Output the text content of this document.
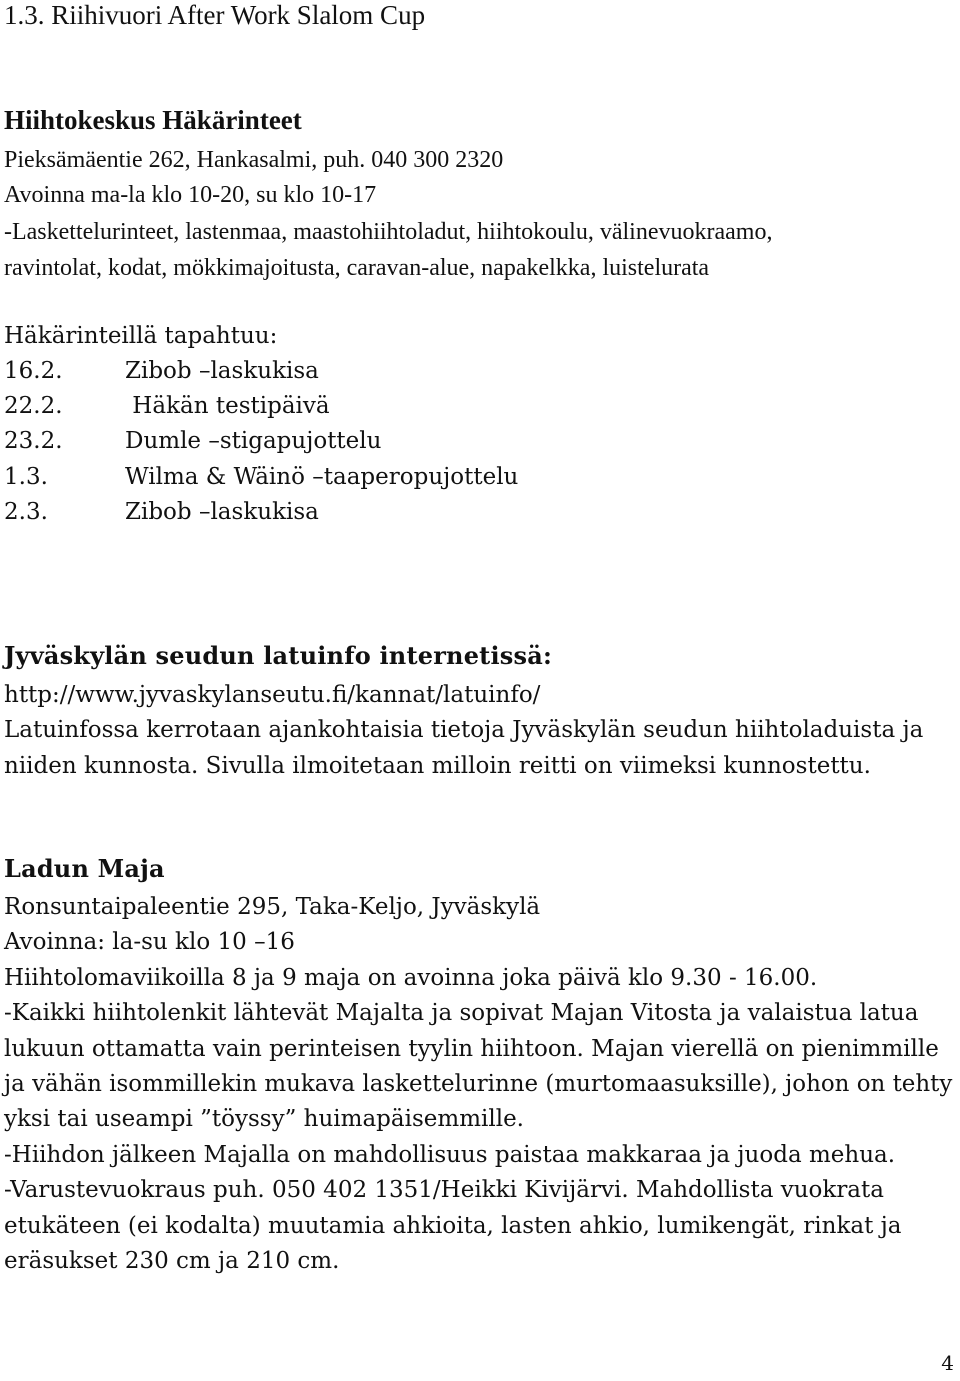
1.3. Riihivuori After Work Slalom Cup
Hiihtokeskus Häkärinteet
Pieksämäentie 262, Hankasalmi, puh. 040 300 2320
Avoinna ma-la klo 10-20, su klo 10-17
-Laskettelurinteet, lastenmaa, maastohiihtoladut, hiihtokoulu, välinevuokraamo,
ravintolat, kodat, mökkimajoitusta, caravan-alue, napakelkka, luistelurata
Häkärinteillä tapahtuu:
16.2.	Zibob –laskukisa
22.2.	Häkän testipäivä
23.2.	Dumle –stigapujottelu
1.3.	Wilma & Wäinö –taaperopujottelu
2.3.	Zibob –laskukisa
Jyväskylän seudun latuinfo internetissä:
http://www.jyvaskylanseutu.fi/kannat/latuinfo/
Latuinfossa kerrotaan ajankohtaisia tietoja Jyväskylän seudun hiihtoladuista ja
niiden kunnosta. Sivulla ilmoitetaan milloin reitti on viimeksi kunnostettu.
Ladun Maja
Ronsuntaipaleentie 295, Taka-Keljo, Jyväskylä
Avoinna: la-su klo 10 –16
Hiihtolomaviikoilla 8 ja 9 maja on avoinna joka päivä klo 9.30 - 16.00.
-Kaikki hiihtolenkit lähtevät Majalta ja sopivat Majan Vitosta ja valaistua latua
lukuun ottamatta vain perinteisen tyylin hiihtoon. Majan vierellä on pienimmille
ja vähän isommillekin mukava laskettelurinne (murtomaasuksille), johon on tehty
yksi tai useampi ”töyssy” huimapäisemmille.
-Hiihdon jälkeen Majalla on mahdollisuus paistaa makkaraa ja juoda mehua.
-Varustevuokraus puh. 050 402 1351/Heikki Kivijärvi. Mahdollista vuokrata
etukäteen (ei kodalta) muutamia ahkioita, lasten ahkio, lumikengät, rinkat ja
eräsukset 230 cm ja 210 cm.
4
